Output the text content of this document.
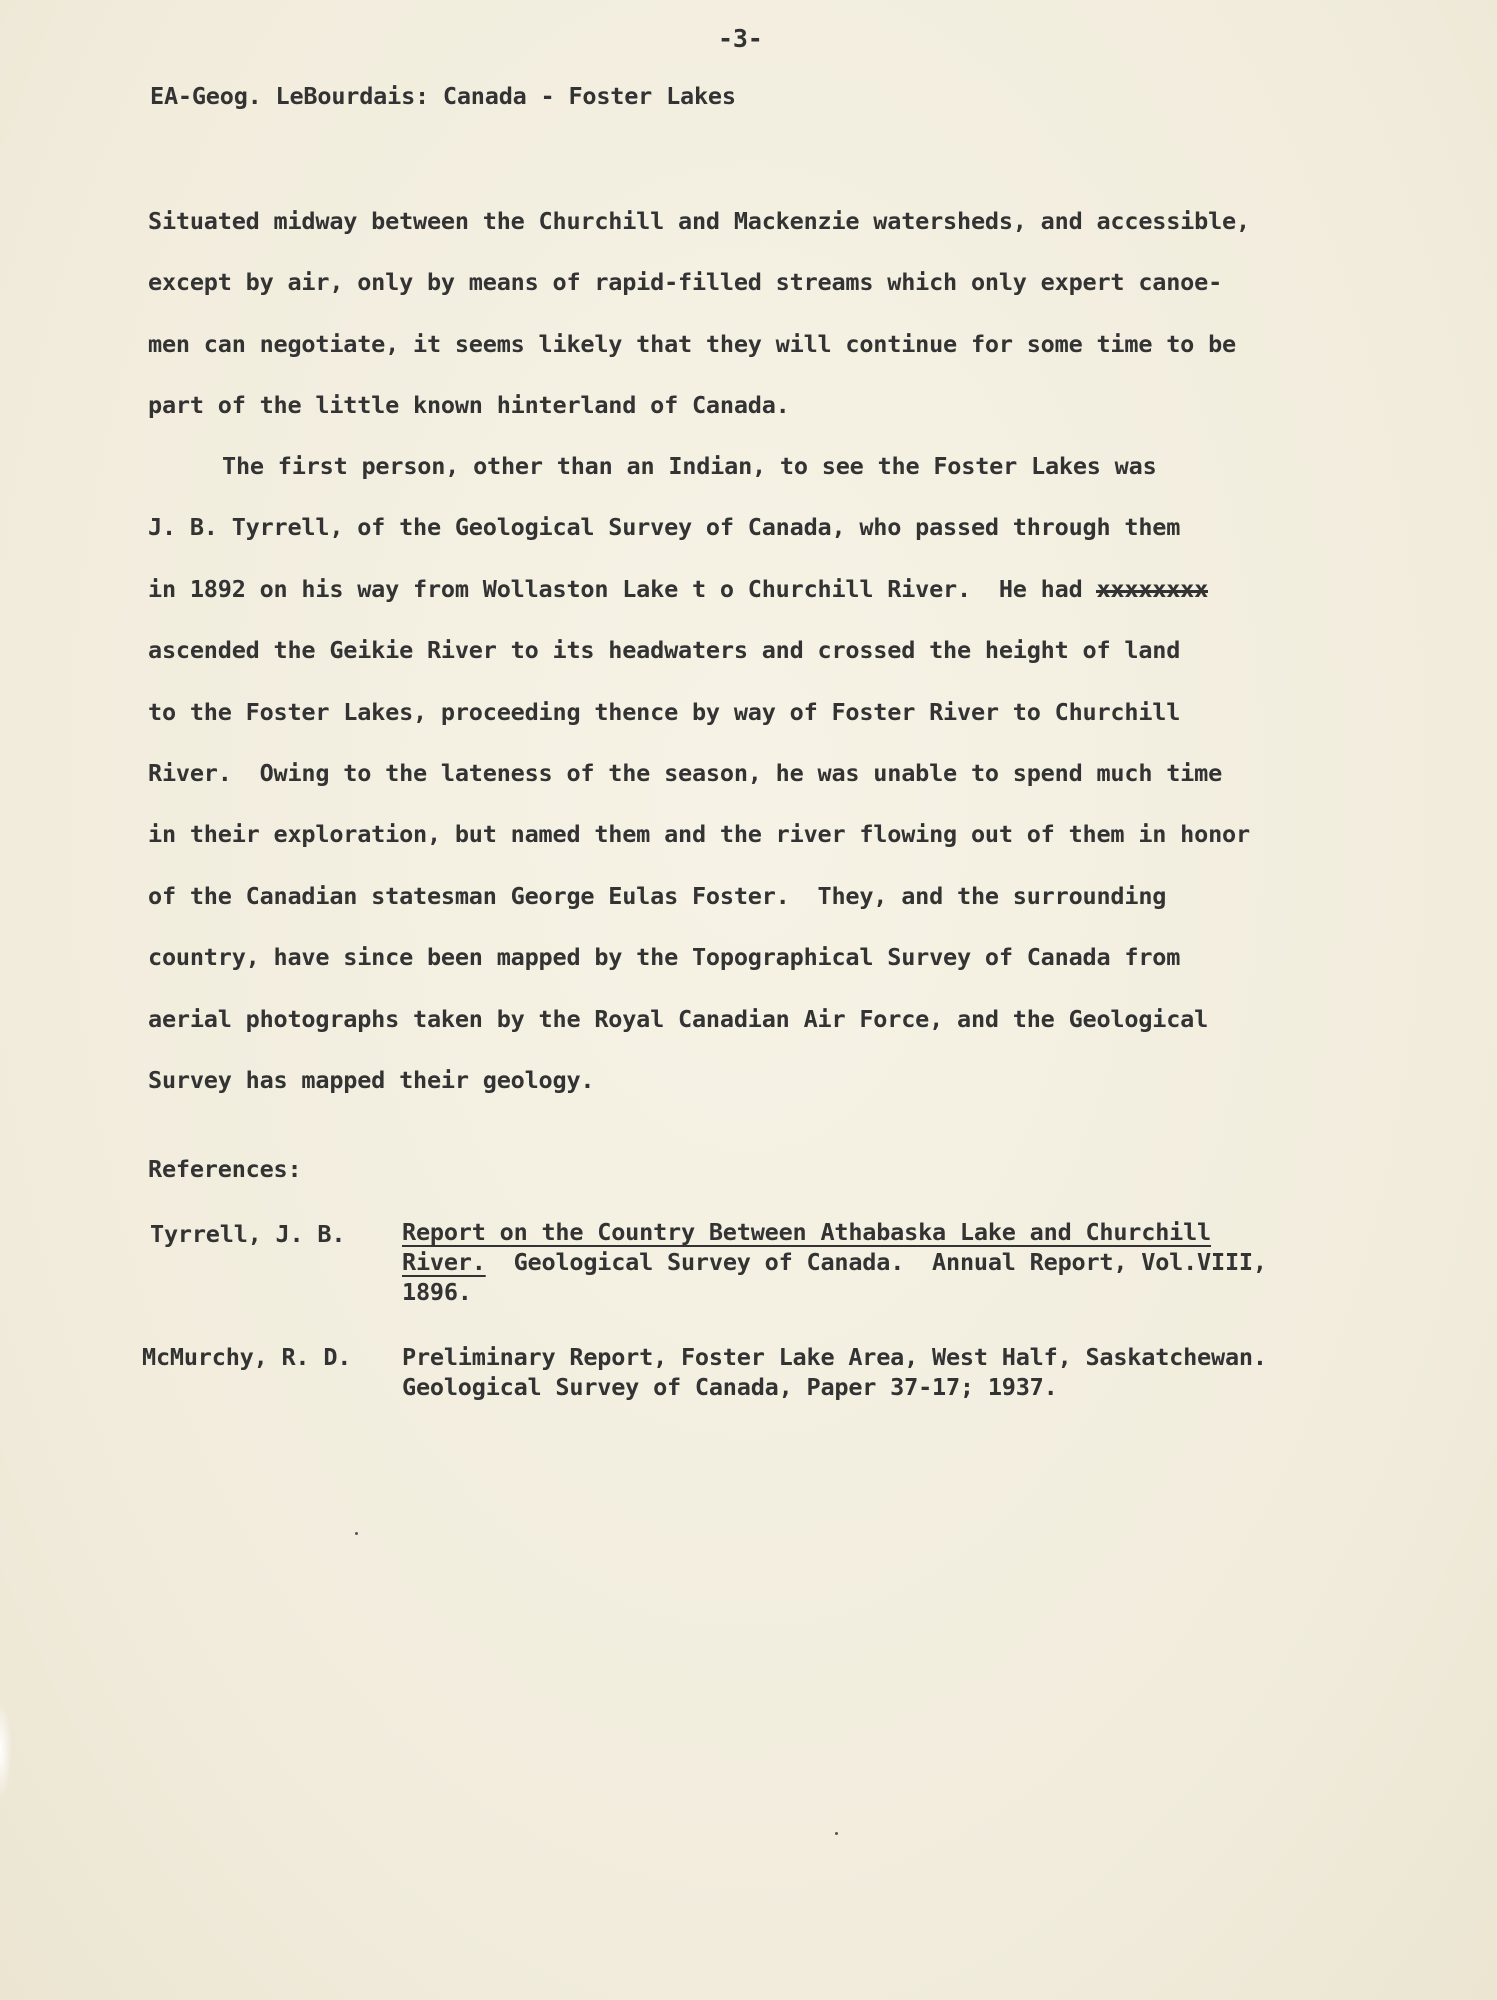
-3-
EA-Geog. LeBourdais: Canada - Foster Lakes
Situated midway between the Churchill and Mackenzie watersheds, and accessible,
except by air, only by means of rapid-filled streams which only expert canoe-
men can negotiate, it seems likely that they will continue for some time to be
part of the little known hinterland of Canada.
The first person, other than an Indian, to see the Foster Lakes was
J. B. Tyrrell, of the Geological Survey of Canada, who passed through them
in 1892 on his way from Wollaston Lake t o Churchill River.  He had xxxxxxxx
ascended the Geikie River to its headwaters and crossed the height of land
to the Foster Lakes, proceeding thence by way of Foster River to Churchill
River.  Owing to the lateness of the season, he was unable to spend much time
in their exploration, but named them and the river flowing out of them in honor
of the Canadian statesman George Eulas Foster.  They, and the surrounding
country, have since been mapped by the Topographical Survey of Canada from
aerial photographs taken by the Royal Canadian Air Force, and the Geological
Survey has mapped their geology.
References:
Tyrrell, J. B. Report on the Country Between Athabaska Lake and Churchill
River.  Geological Survey of Canada.  Annual Report, Vol.VIII,
1896.
McMurchy, R. D. Preliminary Report, Foster Lake Area, West Half, Saskatchewan.
Geological Survey of Canada, Paper 37-17; 1937.
